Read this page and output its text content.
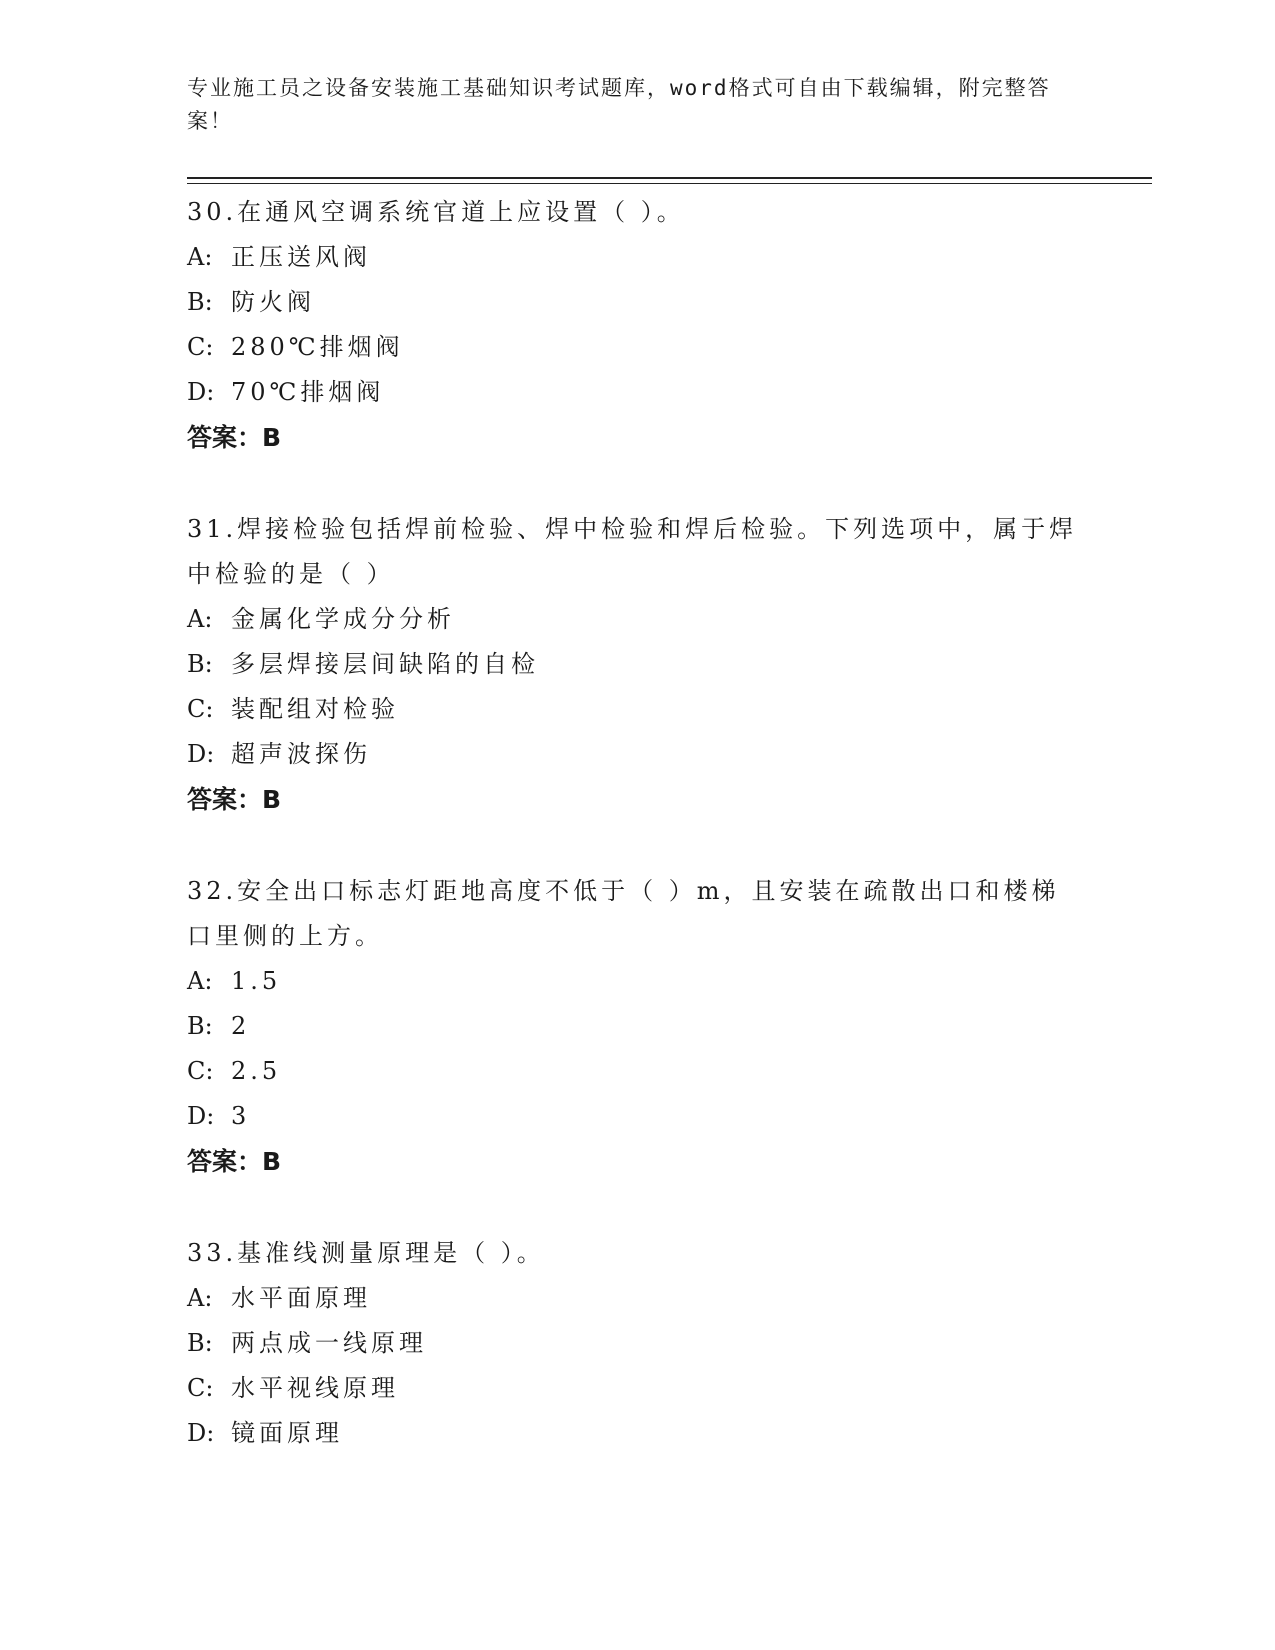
专业施工员之设备安装施工基础知识考试题库，word格式可自由下载编辑，附完整答案！
30.在通风空调系统官道上应设置（ ）。
A: 正压送风阀
B: 防火阀
C: 280℃排烟阀
D: 70℃排烟阀
答案：B
31.焊接检验包括焊前检验、焊中检验和焊后检验。下列选项中，属于焊中检验的是（ ）
A: 金属化学成分分析
B: 多层焊接层间缺陷的自检
C: 装配组对检验
D: 超声波探伤
答案：B
32.安全出口标志灯距地高度不低于（ ）m，且安装在疏散出口和楼梯口里侧的上方。
A: 1.5
B: 2
C: 2.5
D: 3
答案：B
33.基准线测量原理是（ ）。
A: 水平面原理
B: 两点成一线原理
C: 水平视线原理
D: 镜面原理
